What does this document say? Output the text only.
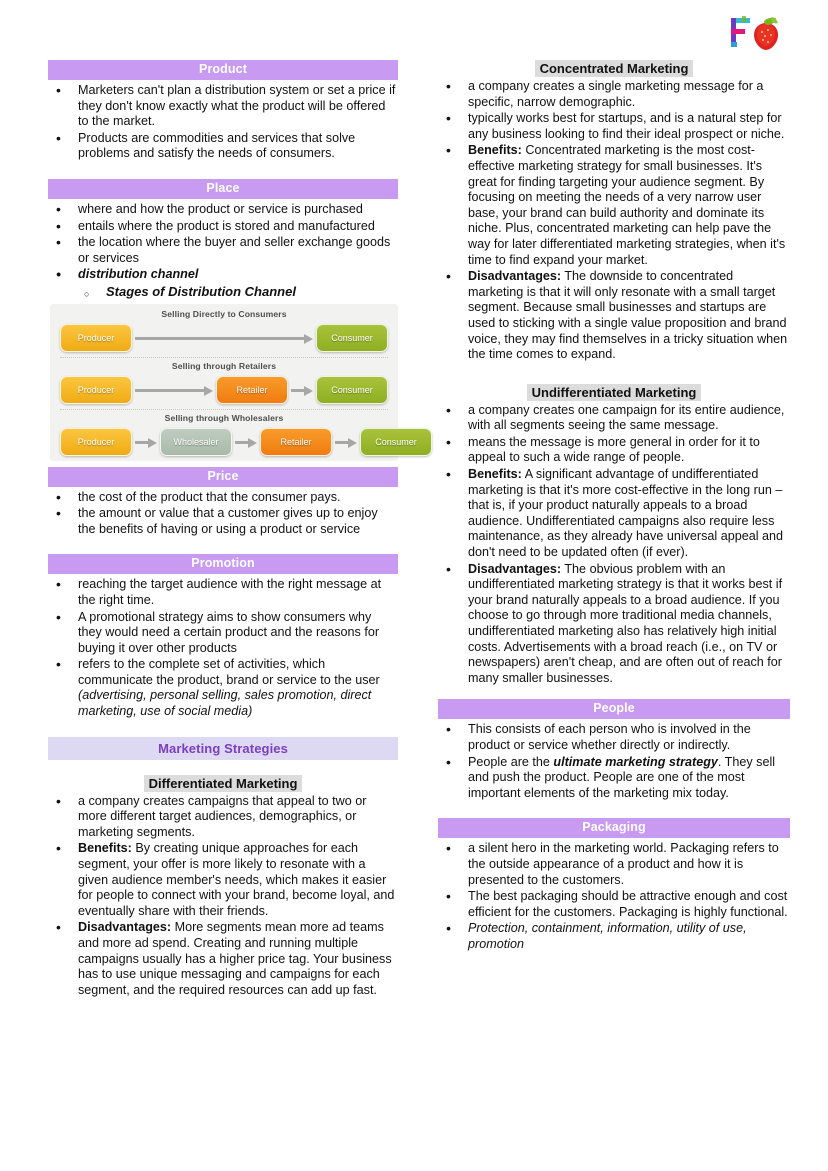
Product
• Marketers can't plan a distribution system or set a price if they don't know exactly what the product will be offered to the market.
• Products are commodities and services that solve problems and satisfy the needs of consumers.
Place
• where and how the product or service is purchased
• entails where the product is stored and manufactured
• the location where the buyer and seller exchange goods or services
• distribution channel
○ Stages of Distribution Channel
Selling Directly to Consumers
Producer	Consumer
Selling through Retailers
Producer	Retailer	Consumer
Selling through Wholesalers
Producer	Wholesaler	Retailer	Consumer
Price
• the cost of the product that the consumer pays.
• the amount or value that a customer gives up to enjoy the benefits of having or using a product or service
Promotion
• reaching the target audience with the right message at the right time.
• A promotional strategy aims to show consumers why they would need a certain product and the reasons for buying it over other products
• refers to the complete set of activities, which communicate the product, brand or service to the user (advertising, personal selling, sales promotion, direct marketing, use of social media)
Marketing Strategies
Differentiated Marketing
• a company creates campaigns that appeal to two or more different target audiences, demographics, or marketing segments.
• Benefits: By creating unique approaches for each segment, your offer is more likely to resonate with a given audience member's needs, which makes it easier for people to connect with your brand, become loyal, and eventually share with their friends.
• Disadvantages: More segments mean more ad teams and more ad spend. Creating and running multiple campaigns usually has a higher price tag. Your business has to use unique messaging and campaigns for each segment, and the required resources can add up fast.
Concentrated Marketing
• a company creates a single marketing message for a specific, narrow demographic.
• typically works best for startups, and is a natural step for any business looking to find their ideal prospect or niche.
• Benefits: Concentrated marketing is the most cost-effective marketing strategy for small businesses. It's great for finding targeting your audience segment. By focusing on meeting the needs of a very narrow user base, your brand can build authority and dominate its niche. Plus, concentrated marketing can help pave the way for later differentiated marketing strategies, when it's time to find expand your market.
• Disadvantages: The downside to concentrated marketing is that it will only resonate with a small target segment. Because small businesses and startups are used to sticking with a single value proposition and brand voice, they may find themselves in a tricky situation when the time comes to expand.
Undifferentiated Marketing
• a company creates one campaign for its entire audience, with all segments seeing the same message.
• means the message is more general in order for it to appeal to such a wide range of people.
• Benefits: A significant advantage of undifferentiated marketing is that it's more cost-effective in the long run – that is, if your product naturally appeals to a broad audience. Undifferentiated campaigns also require less maintenance, as they already have universal appeal and don't need to be updated often (if ever).
• Disadvantages: The obvious problem with an undifferentiated marketing strategy is that it works best if your brand naturally appeals to a broad audience. If you choose to go through more traditional media channels, undifferentiated marketing also has relatively high initial costs. Advertisements with a broad reach (i.e., on TV or newspapers) aren't cheap, and are often out of reach for many smaller businesses.
People
• This consists of each person who is involved in the product or service whether directly or indirectly.
• People are the ultimate marketing strategy. They sell and push the product. People are one of the most important elements of the marketing mix today.
Packaging
• a silent hero in the marketing world. Packaging refers to the outside appearance of a product and how it is presented to the customers.
• The best packaging should be attractive enough and cost efficient for the customers. Packaging is highly functional.
• Protection, containment, information, utility of use, promotion
